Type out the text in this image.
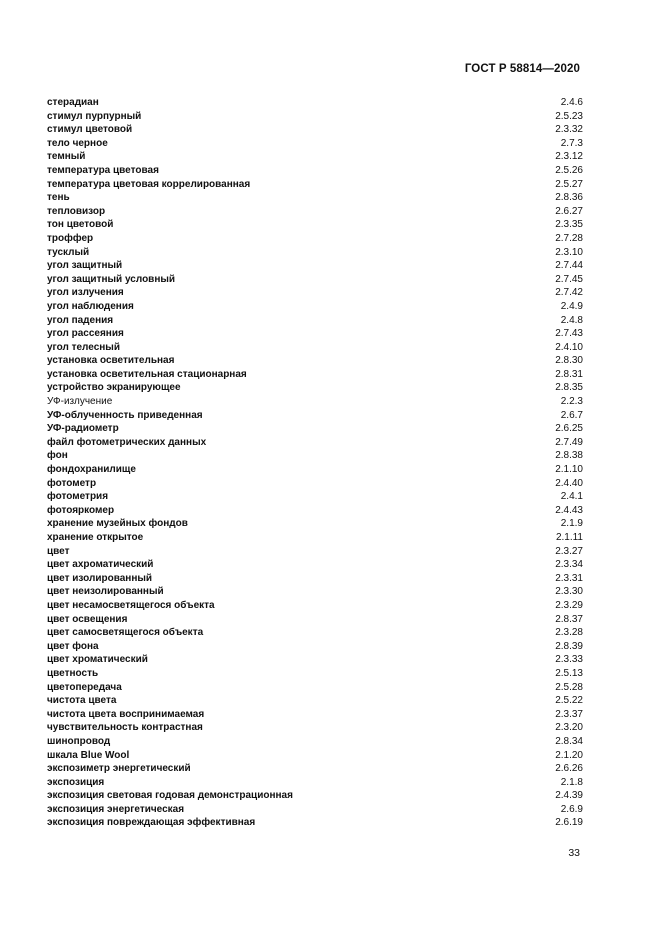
ГОСТ Р 58814—2020
стерадиан	2.4.6
стимул пурпурный	2.5.23
стимул цветовой	2.3.32
тело черное	2.7.3
темный	2.3.12
температура цветовая	2.5.26
температура цветовая коррелированная	2.5.27
тень	2.8.36
тепловизор	2.6.27
тон цветовой	2.3.35
троффер	2.7.28
тусклый	2.3.10
угол защитный	2.7.44
угол защитный условный	2.7.45
угол излучения	2.7.42
угол наблюдения	2.4.9
угол падения	2.4.8
угол рассеяния	2.7.43
угол телесный	2.4.10
установка осветительная	2.8.30
установка осветительная стационарная	2.8.31
устройство экранирующее	2.8.35
УФ-излучение	2.2.3
УФ-облученность приведенная	2.6.7
УФ-радиометр	2.6.25
файл фотометрических данных	2.7.49
фон	2.8.38
фондохранилище	2.1.10
фотометр	2.4.40
фотометрия	2.4.1
фотояркомер	2.4.43
хранение музейных фондов	2.1.9
хранение открытое	2.1.11
цвет	2.3.27
цвет ахроматический	2.3.34
цвет изолированный	2.3.31
цвет неизолированный	2.3.30
цвет несамосветящегося объекта	2.3.29
цвет освещения	2.8.37
цвет самосветящегося объекта	2.3.28
цвет фона	2.8.39
цвет хроматический	2.3.33
цветность	2.5.13
цветопередача	2.5.28
чистота цвета	2.5.22
чистота цвета воспринимаемая	2.3.37
чувствительность контрастная	2.3.20
шинопровод	2.8.34
шкала Blue Wool	2.1.20
экспозиметр энергетический	2.6.26
экспозиция	2.1.8
экспозиция световая годовая демонстрационная	2.4.39
экспозиция энергетическая	2.6.9
экспозиция повреждающая эффективная	2.6.19
33
